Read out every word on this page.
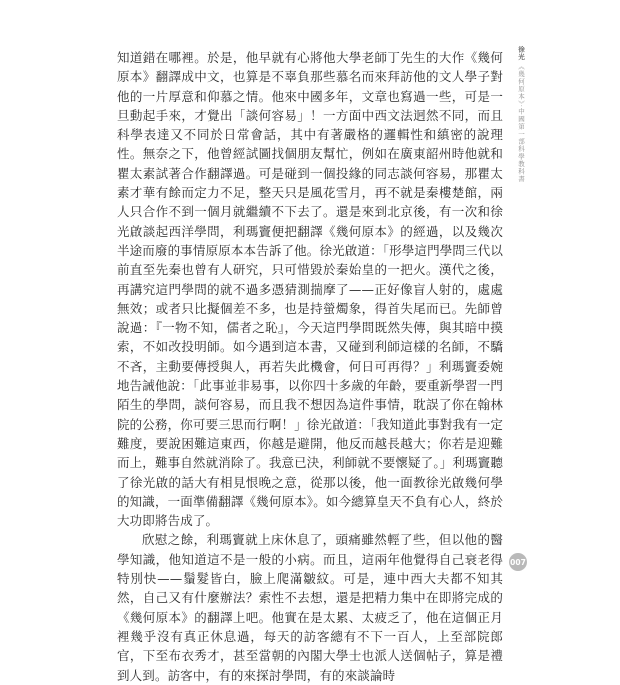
知道錯在哪裡。於是，他早就有心將他大學老師丁先生的大作《幾何原本》翻譯成中文，也算是不辜負那些慕名而來拜訪他的文人學子對他的一片厚意和仰慕之情。他來中國多年，文章也寫過一些，可是一旦動起手來，才覺出「談何容易」！一方面中西文法迥然不同，而且科學表達又不同於日常會話，其中有著嚴格的邏輯性和縝密的說理性。無奈之下，他曾經試圖找個朋友幫忙，例如在廣東韶州時他就和瞿太素試著合作翻譯過。可是碰到一個投緣的同志談何容易，那瞿太素才華有餘而定力不足，整天只是風花雪月，再不就是秦樓楚館，兩人只合作不到一個月就繼續不下去了。還是來到北京後，有一次和徐光啟談起西洋學問，利瑪竇便把翻譯《幾何原本》的經過，以及幾次半途而廢的事情原原本本告訴了他。徐光啟道：「形學這門學問三代以前直至先秦也曾有人研究，只可惜毀於秦始皇的一把火。漢代之後，再講究這門學問的就不過多憑猜測揣摩了——正好像盲人射的，處處無效；或者只比擬個差不多，也是持螢燭象，得首失尾而已。先師曾說過：『一物不知，儒者之恥』，今天這門學問既然失傳，與其暗中摸索，不如改投明師。如今遇到這本書，又碰到利師這樣的名師，不驕不吝，主動要傳授與人，再若失此機會，何日可再得？」利瑪竇委婉地告誡他說：「此事並非易事，以你四十多歲的年齡，要重新學習一門陌生的學問，談何容易，而且我不想因為這件事情，耽誤了你在翰林院的公務，你可要三思而行啊！」徐光啟道：「我知道此事對我有一定難度，要說困難這東西，你越是避開，他反而越長越大；你若是迎難而上，難事自然就消除了。我意已決，利師就不要懷疑了。」利瑪竇聽了徐光啟的話大有相見恨晚之意，從那以後，他一面教徐光啟幾何學的知識，一面準備翻譯《幾何原本》。如今總算皇天不負有心人，終於大功即將告成了。

欣慰之餘，利瑪竇就上床休息了，頭痛雖然輕了些，但以他的醫學知識，他知道這不是一般的小病。而且，這兩年他覺得自己衰老得特別快——鬚髮皆白，臉上爬滿皺紋。可是，連中西大夫都不知其然，自己又有什麼辦法？索性不去想，還是把精力集中在即將完成的《幾何原本》的翻譯上吧。他實在是太累、太疲乏了，他在這個正月裡幾乎沒有真正休息過，每天的訪客總有不下一百人，上至部院郎官，下至布衣秀才，甚至當朝的內閣大學士也派人送個帖子，算是禮到人到。訪客中，有的來探討學問，有的來談論時

徐光
《幾何原本》‧中國第一部科學教科書
007
